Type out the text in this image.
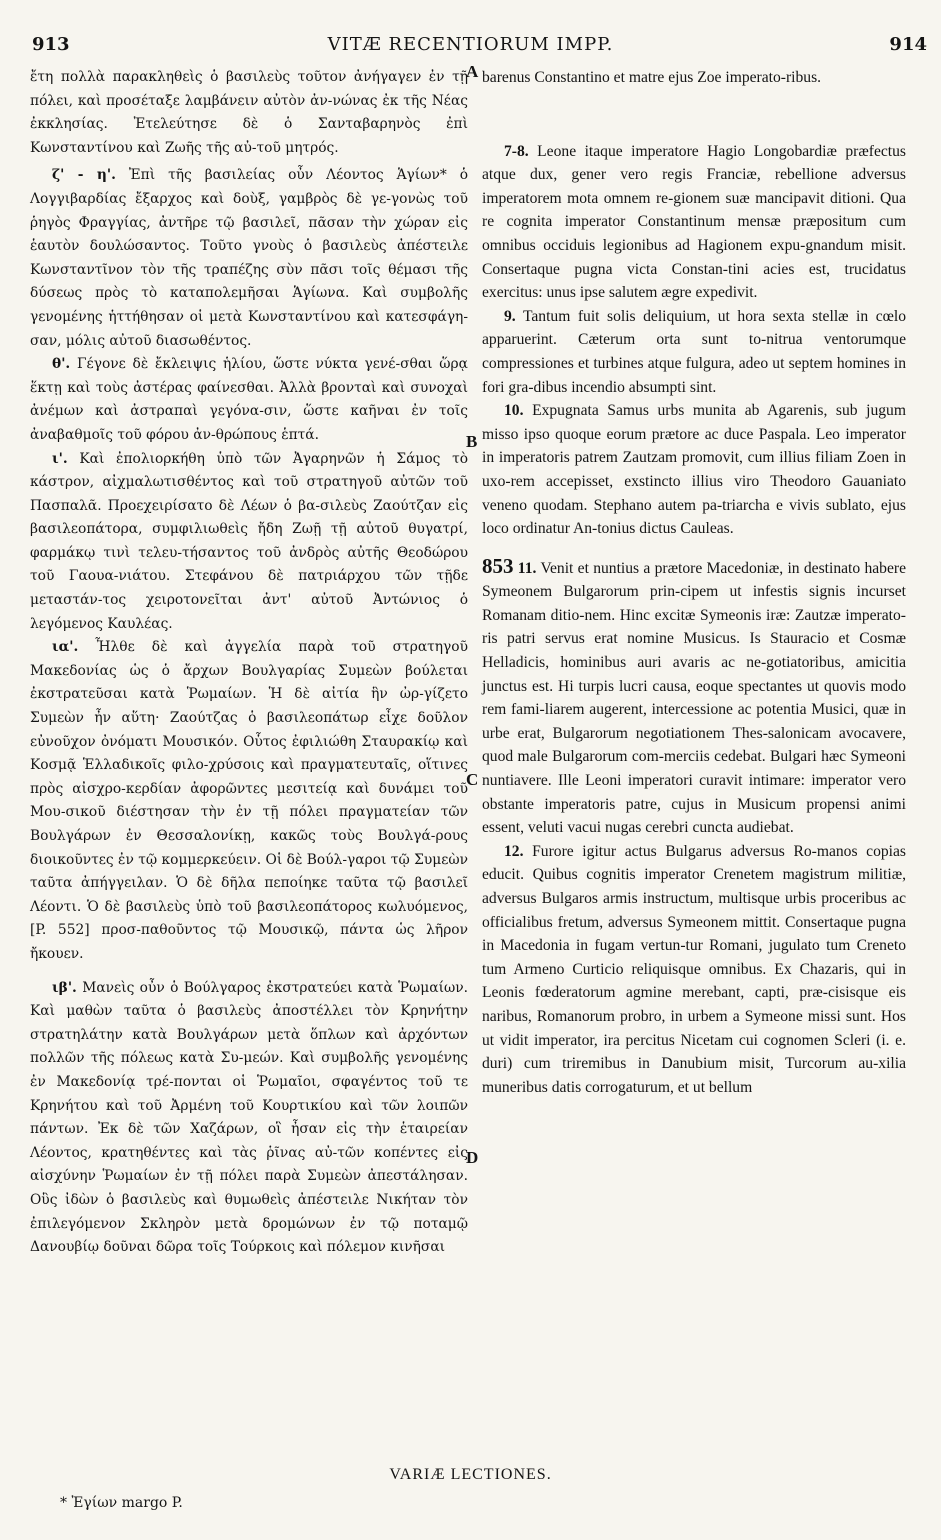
913	VITÆ RECENTIORUM IMPP.	914
A
B
C
D

ἔτη πολλὰ παρακληθεὶς ὁ βασιλεὺς τοῦτον ἀνήγαγεν ἐν τῇ πόλει, καὶ προσέταξε λαμβάνειν αὐτὸν ἀν-νώνας ἐκ τῆς Νέας ἐκκλησίας. Ἐτελεύτησε δὲ ὁ Σανταβαρηνὸς ἐπὶ Κωνσταντίνου καὶ Ζωῆς τῆς αὐ-τοῦ μητρός.

ζ' - η'. Ἐπὶ τῆς βασιλείας οὖν Λέοντος Ἁγίων* ὁ Λογγιβαρδίας ἔξαρχος καὶ δοὺξ, γαμβρὸς δὲ γε-γονὼς τοῦ ῥηγὸς Φραγγίας, ἀντῆρε τῷ βασιλεῖ, πᾶσαν τὴν χώραν εἰς ἑαυτὸν δουλώσαντος. Τοῦτο γνοὺς ὁ βασιλεὺς ἀπέστειλε Κωνσταντῖνον τὸν τῆς τραπέζης σὺν πᾶσι τοῖς θέμασι τῆς δύσεως πρὸς τὸ καταπολεμῆσαι Ἁγίωνα. Καὶ συμβολῆς γενομένης ἡττήθησαν οἱ μετὰ Κωνσταντίνου καὶ κατεσφάγη-σαν, μόλις αὐτοῦ διασωθέντος.

θ'. Γέγονε δὲ ἔκλειψις ἡλίου, ὥστε νύκτα γενέ-σθαι ὥρᾳ ἕκτῃ καὶ τοὺς ἀστέρας φαίνεσθαι. Ἀλλὰ βρονταὶ καὶ συνοχαὶ ἀνέμων καὶ ἀστραπαὶ γεγόνα-σιν, ὥστε καῆναι ἐν τοῖς ἀναβαθμοῖς τοῦ φόρου ἀν-θρώπους ἑπτά.

ι'. Καὶ ἐπολιορκήθη ὑπὸ τῶν Ἀγαρηνῶν ἡ Σάμος τὸ κάστρον, αἰχμαλωτισθέντος καὶ τοῦ στρατηγοῦ αὐτῶν τοῦ Πασπαλᾶ. Προεχειρίσατο δὲ Λέων ὁ βα-σιλεὺς Ζαούτζαν εἰς βασιλεοπάτορα, συμφιλιωθεὶς ἤδη Ζωῇ τῇ αὐτοῦ θυγατρί, φαρμάκῳ τινὶ τελευ-τήσαντος τοῦ ἀνδρὸς αὐτῆς Θεοδώρου τοῦ Γαουα-νιάτου. Στεφάνου δὲ πατριάρχου τῶν τῇδε μεταστάν-τος χειροτονεῖται ἀντ' αὐτοῦ Ἀντώνιος ὁ λεγόμενος Καυλέας.

ια'. Ἦλθε δὲ καὶ ἀγγελία παρὰ τοῦ στρατηγοῦ Μακεδονίας ὡς ὁ ἄρχων Βουλγαρίας Συμεὼν βούλεται ἐκστρατεῦσαι κατὰ Ῥωμαίων. Ἡ δὲ αἰτία ἣν ὠρ-γίζετο Συμεὼν ἦν αὕτη· Ζαούτζας ὁ βασιλεοπάτωρ εἶχε δοῦλον εὐνοῦχον ὀνόματι Μουσικόν. Οὗτος ἐφιλιώθη Σταυρακίῳ καὶ Κοσμᾷ Ἑλλαδικοῖς φιλο-χρύσοις καὶ πραγματευταῖς, οἵτινες πρὸς αἰσχρο-κερδίαν ἀφορῶντες μεσιτείᾳ καὶ δυνάμει τοῦ Μου-σικοῦ διέστησαν τὴν ἐν τῇ πόλει πραγματείαν τῶν Βουλγάρων ἐν Θεσσαλονίκῃ, κακῶς τοὺς Βουλγά-ρους διοικοῦντες ἐν τῷ κομμερκεύειν. Οἱ δὲ Βούλ-γαροι τῷ Συμεὼν ταῦτα ἀπήγγειλαν. Ὁ δὲ δῆλα πεποίηκε ταῦτα τῷ βασιλεῖ Λέοντι. Ὁ δὲ βασιλεὺς ὑπὸ τοῦ βασιλεοπάτορος κωλυόμενος, [P. 552] προσ-παθοῦντος τῷ Μουσικῷ, πάντα ὡς λῆρον ἤκουεν.

ιβ'. Μανεὶς οὖν ὁ Βούλγαρος ἐκστρατεύει κατὰ Ῥωμαίων. Καὶ μαθὼν ταῦτα ὁ βασιλεὺς ἀποστέλλει τὸν Κρηνήτην στρατηλάτην κατὰ Βουλγάρων μετὰ ὅπλων καὶ ἀρχόντων πολλῶν τῆς πόλεως κατὰ Συ-μεών. Καὶ συμβολῆς γενομένης ἐν Μακεδονίᾳ τρέ-πονται οἱ Ῥωμαῖοι, σφαγέντος τοῦ τε Κρηνήτου καὶ τοῦ Ἀρμένη τοῦ Κουρτικίου καὶ τῶν λοιπῶν πάντων. Ἐκ δὲ τῶν Χαζάρων, οἳ ἦσαν εἰς τὴν ἑταιρείαν Λέοντος, κρατηθέντες καὶ τὰς ῥῖνας αὐ-τῶν κοπέντες εἰς αἰσχύνην Ῥωμαίων ἐν τῇ πόλει παρὰ Συμεὼν ἀπεστάλησαν. Οὓς ἰδὼν ὁ βασιλεὺς καὶ θυμωθεὶς ἀπέστειλε Νικήταν τὸν ἐπιλεγόμενον Σκληρὸν μετὰ δρομώνων ἐν τῷ ποταμῷ Δανουβίῳ δοῦναι δῶρα τοῖς Τούρκοις καὶ πόλεμον κινῆσαι

barenus Constantino et matre ejus Zoe imperato-ribus.

7-8. Leone itaque imperatore Hagio Longobardiæ præfectus atque dux, gener vero regis Franciæ, rebellione adversus imperatorem mota omnem re-gionem suæ mancipavit ditioni. Qua re cognita imperator Constantinum mensæ præpositum cum omnibus occiduis legionibus ad Hagionem expu-gnandum misit. Consertaque pugna victa Constan-tini acies est, trucidatus exercitus: unus ipse salutem ægre expedivit.

9. Tantum fuit solis deliquium, ut hora sexta stellæ in cœlo apparuerint. Cæterum orta sunt to-nitrua ventorumque compressiones et turbines atque fulgura, adeo ut septem homines in fori gra-dibus incendio absumpti sint.

10. Expugnata Samus urbs munita ab Agarenis, sub jugum misso ipso quoque eorum prætore ac duce Paspala. Leo imperator in imperatoris patrem Zautzam promovit, cum illius filiam Zoen in uxo-rem accepisset, exstincto illius viro Theodoro Gauaniato veneno quodam. Stephano autem pa-triarcha e vivis sublato, ejus loco ordinatur An-tonius dictus Cauleas.

853 11. Venit et nuntius a prætore Macedoniæ, in destinato habere Symeonem Bulgarorum prin-cipem ut infestis signis incurset Romanam ditio-nem. Hinc excitæ Symeonis iræ: Zautzæ imperato-ris patri servus erat nomine Musicus. Is Stauracio et Cosmæ Helladicis, hominibus auri avaris ac ne-gotiatoribus, amicitia junctus est. Hi turpis lucri causa, eoque spectantes ut quovis modo rem fami-liarem augerent, intercessione ac potentia Musici, quæ in urbe erat, Bulgarorum negotiationem Thes-salonicam avocavere, quod male Bulgarorum com-merciis cedebat. Bulgari hæc Symeoni nuntiavere. Ille Leoni imperatori curavit intimare: imperator vero obstante imperatoris patre, cujus in Musicum propensi animi essent, veluti vacui nugas cerebri cuncta audiebat.

12. Furore igitur actus Bulgarus adversus Ro-manos copias educit. Quibus cognitis imperator Crenetem magistrum militiæ, adversus Bulgaros armis instructum, multisque urbis proceribus ac officialibus fretum, adversus Symeonem mittit. Consertaque pugna in Macedonia in fugam vertun-tur Romani, jugulato tum Creneto tum Armeno Curticio reliquisque omnibus. Ex Chazaris, qui in Leonis fœderatorum agmine merebant, capti, præ-cisisque eis naribus, Romanorum probro, in urbem a Symeone missi sunt. Hos ut vidit imperator, ira percitus Nicetam cui cognomen Scleri (i. e. duri) cum triremibus in Danubium misit, Turcorum au-xilia muneribus datis corrogaturum, et ut bellum

VARIÆ LECTIONES.
* Ἐγίων margo P.
